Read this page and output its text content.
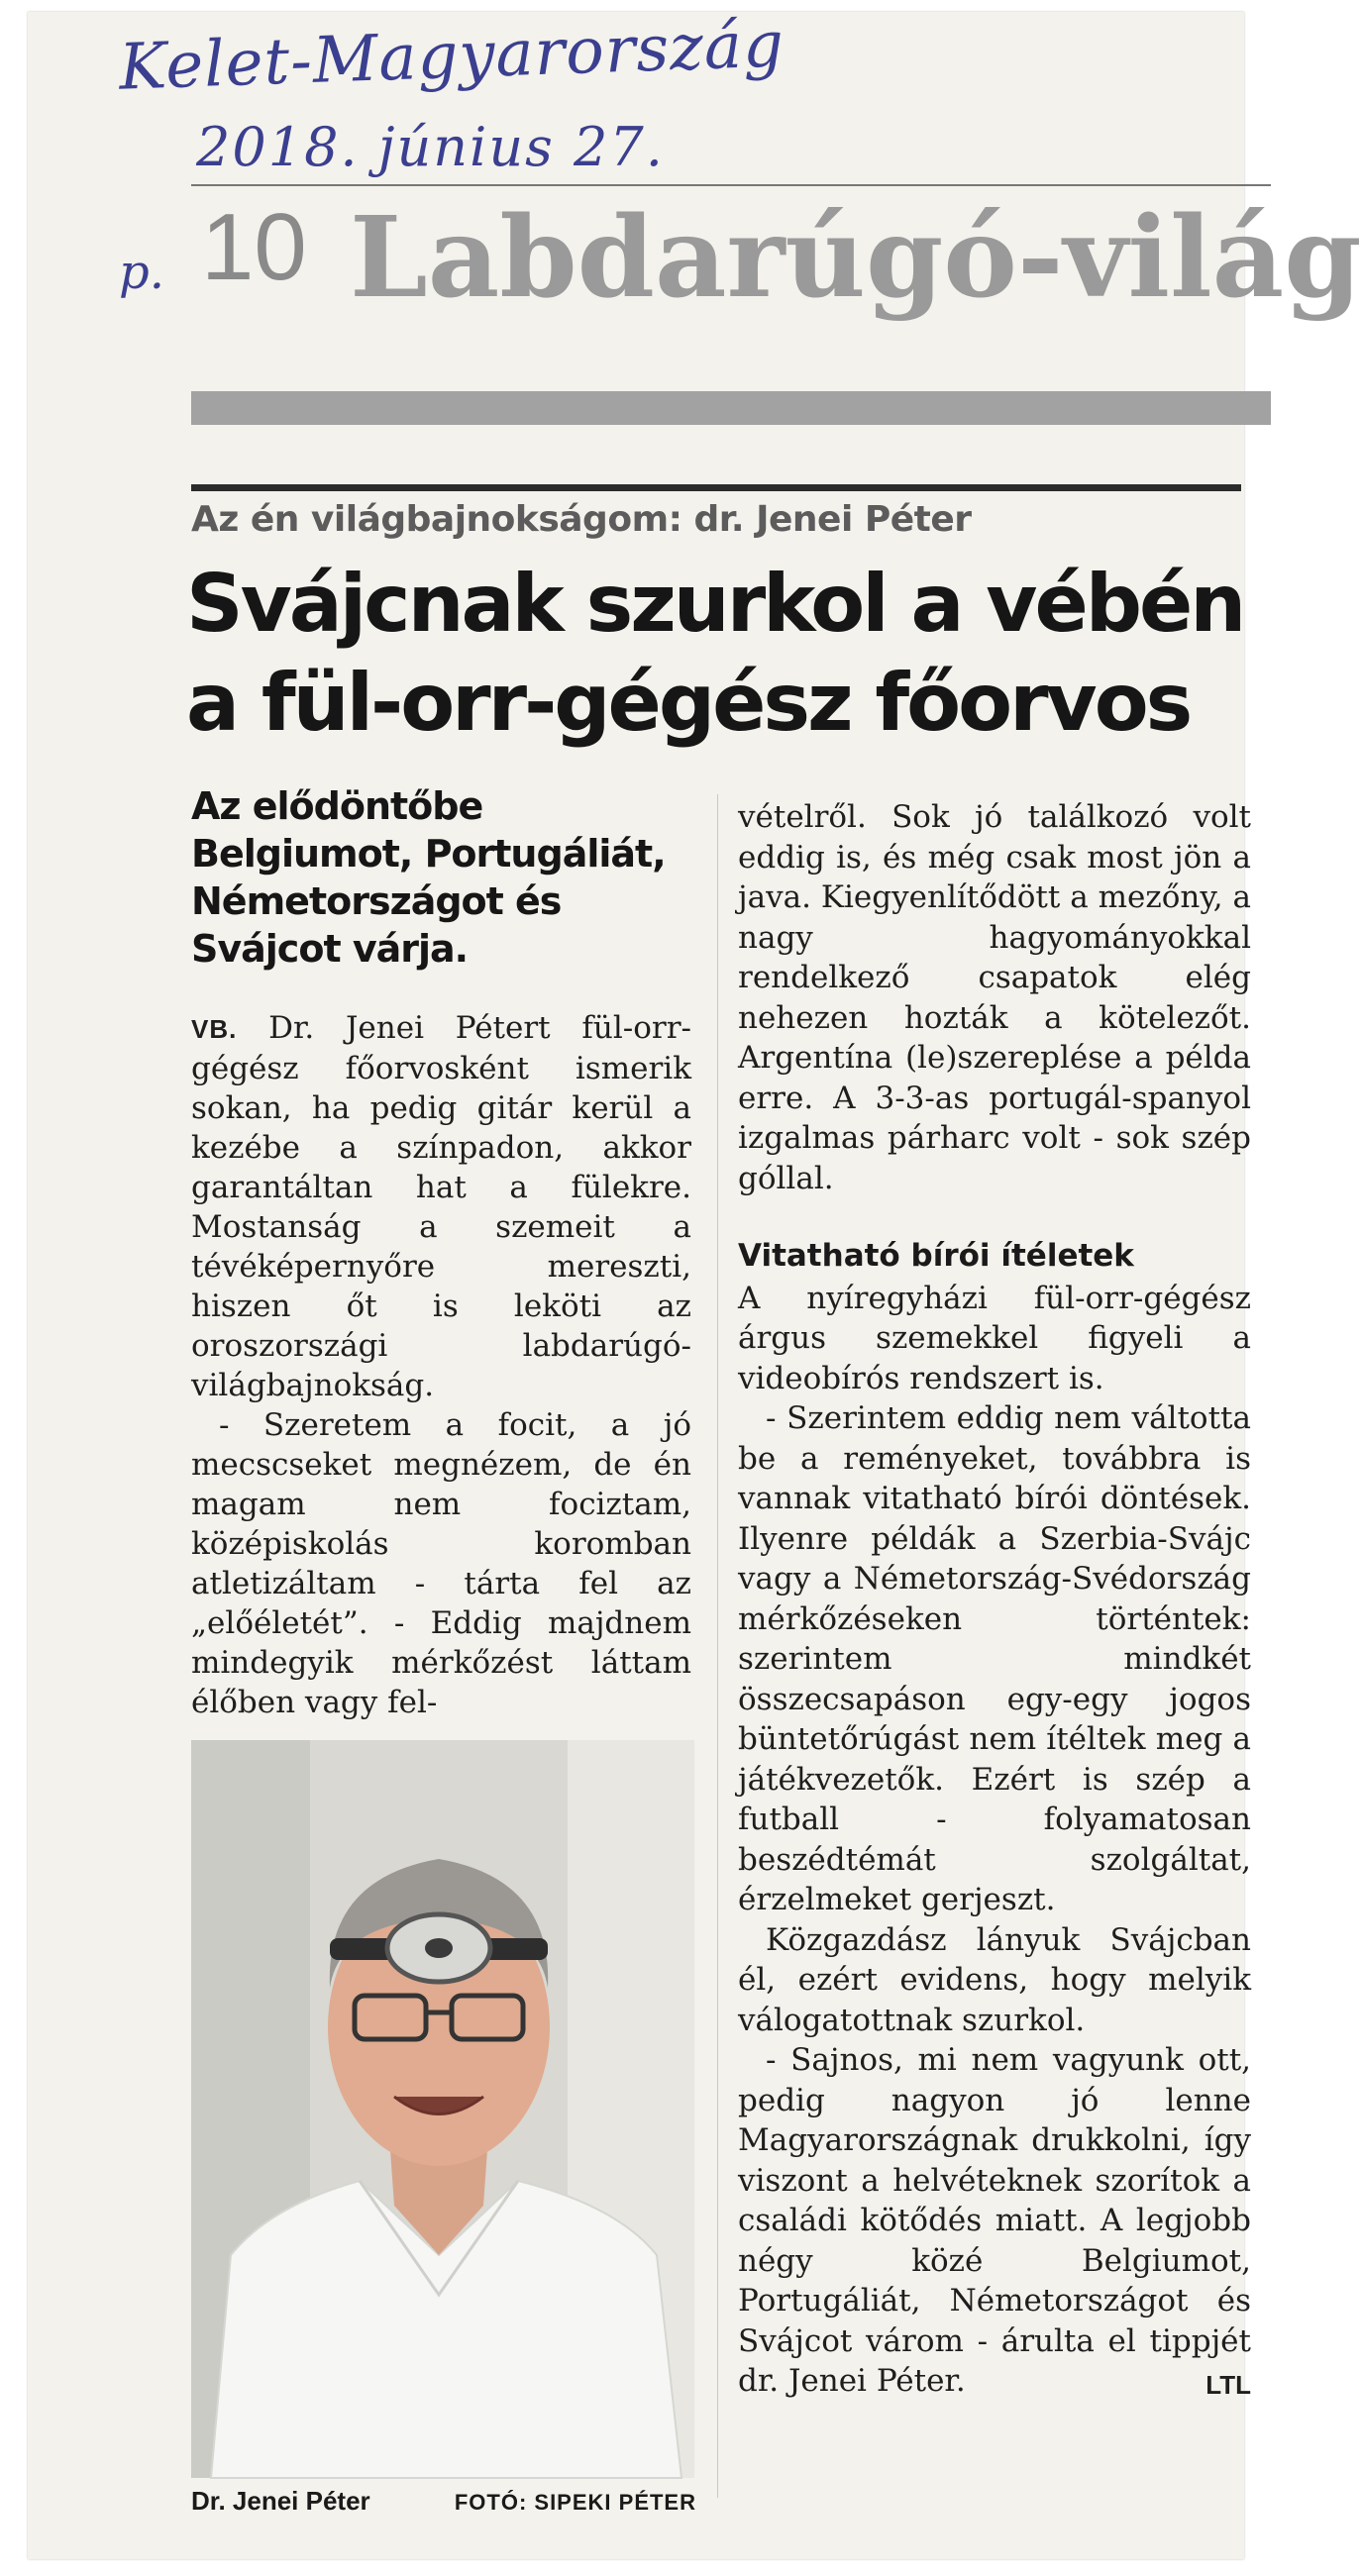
Kelet-Magyarország
2018. június 27.
p. 10 Labdarúgó-világ
Az én világbajnokságom: dr. Jenei Péter
Svájcnak szurkol a vébén
a fül-orr-gégész főorvos
Az elődöntőbe Belgiumot, Portugáliát, Németországot és Svájcot várja.

VB. Dr. Jenei Pétert fül-orr-gégész főorvosként ismerik sokan, ha pedig gitár kerül a kezébe a színpadon, akkor garantáltan hat a fülekre. Mostanság a szemeit a tévéképernyőre mereszti, hiszen őt is leköti az oroszországi labdarúgó-világbajnokság.

- Szeretem a focit, a jó mecscseket megnézem, de én magam nem fociztam, középiskolás koromban atletizáltam - tárta fel az „előéletét”. - Eddig majdnem mindegyik mérkőzést láttam élőben vagy fel-

vételről. Sok jó találkozó volt eddig is, és még csak most jön a java. Kiegyenlítődött a mezőny, a nagy hagyományokkal rendelkező csapatok elég nehezen hozták a kötelezőt. Argentína (le)szereplése a példa erre. A 3-3-as portugál-spanyol izgalmas párharc volt - sok szép góllal.

Vitatható bírói ítéletek

A nyíregyházi fül-orr-gégész árgus szemekkel figyeli a videobírós rendszert is.

- Szerintem eddig nem váltotta be a reményeket, továbbra is vannak vitatható bírói döntések. Ilyenre példák a Szerbia-Svájc vagy a Németország-Svédország mérkőzéseken történtek: szerintem mindkét összecsapáson egy-egy jogos büntetőrúgást nem ítéltek meg a játékvezetők. Ezért is szép a futball - folyamatosan beszédtémát szolgáltat, érzelmeket gerjeszt.

Közgazdász lányuk Svájcban él, ezért evidens, hogy melyik válogatottnak szurkol.

- Sajnos, mi nem vagyunk ott, pedig nagyon jó lenne Magyarországnak drukkolni, így viszont a helvéteknek szorítok a családi kötődés miatt. A legjobb négy közé Belgiumot, Portugáliát, Németországot és Svájcot várom - árulta el tippjét dr. Jenei Péter.	LTL

Dr. Jenei Péter	FOTÓ: SIPEKI PÉTER
